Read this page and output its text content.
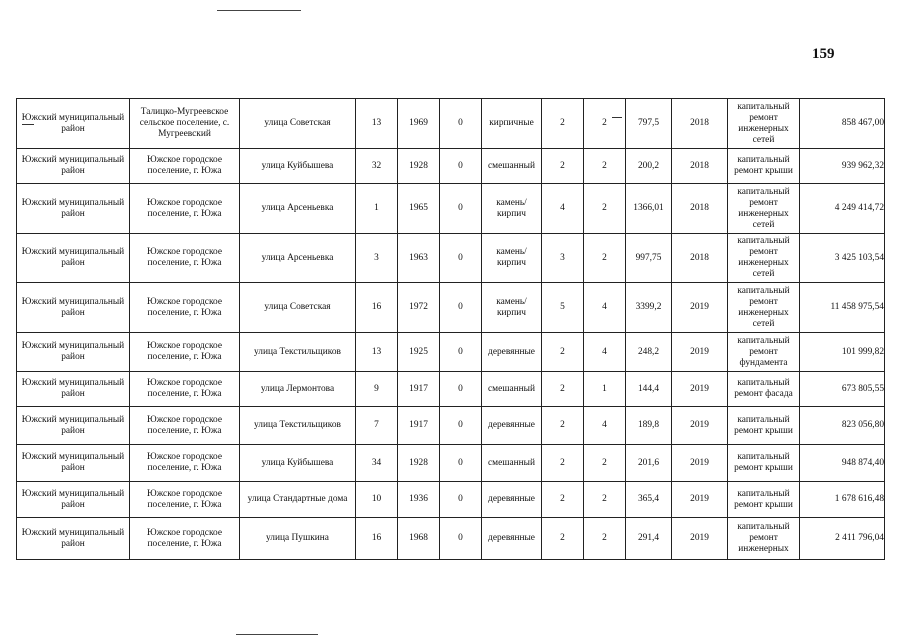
159
Южский муниципальный район	Талицко-Мугреевское сельское поселение, с. Мугреевский	улица Советская	13	1969	0	кирпичные	2	2	797,5	2018	капитальный ремонт инженерных сетей	858 467,00
Южский муниципальный район	Южское городское поселение, г. Южа	улица Куйбышева	32	1928	0	смешанный	2	2	200,2	2018	капитальный ремонт крыши	939 962,32
Южский муниципальный район	Южское городское поселение, г. Южа	улица Арсеньевка	1	1965	0	камень/кирпич	4	2	1366,01	2018	капитальный ремонт инженерных сетей	4 249 414,72
Южский муниципальный район	Южское городское поселение, г. Южа	улица Арсеньевка	3	1963	0	камень/кирпич	3	2	997,75	2018	капитальный ремонт инженерных сетей	3 425 103,54
Южский муниципальный район	Южское городское поселение, г. Южа	улица Советская	16	1972	0	камень/кирпич	5	4	3399,2	2019	капитальный ремонт инженерных сетей	11 458 975,54
Южский муниципальный район	Южское городское поселение, г. Южа	улица Текстильщиков	13	1925	0	деревянные	2	4	248,2	2019	капитальный ремонт фундамента	101 999,82
Южский муниципальный район	Южское городское поселение, г. Южа	улица Лермонтова	9	1917	0	смешанный	2	1	144,4	2019	капитальный ремонт фасада	673 805,55
Южский муниципальный район	Южское городское поселение, г. Южа	улица Текстильщиков	7	1917	0	деревянные	2	4	189,8	2019	капитальный ремонт крыши	823 056,80
Южский муниципальный район	Южское городское поселение, г. Южа	улица Куйбышева	34	1928	0	смешанный	2	2	201,6	2019	капитальный ремонт крыши	948 874,40
Южский муниципальный район	Южское городское поселение, г. Южа	улица Стандартные дома	10	1936	0	деревянные	2	2	365,4	2019	капитальный ремонт крыши	1 678 616,48
Южский муниципальный район	Южское городское поселение, г. Южа	улица Пушкина	16	1968	0	деревянные	2	2	291,4	2019	капитальный ремонт инженерных	2 411 796,04
